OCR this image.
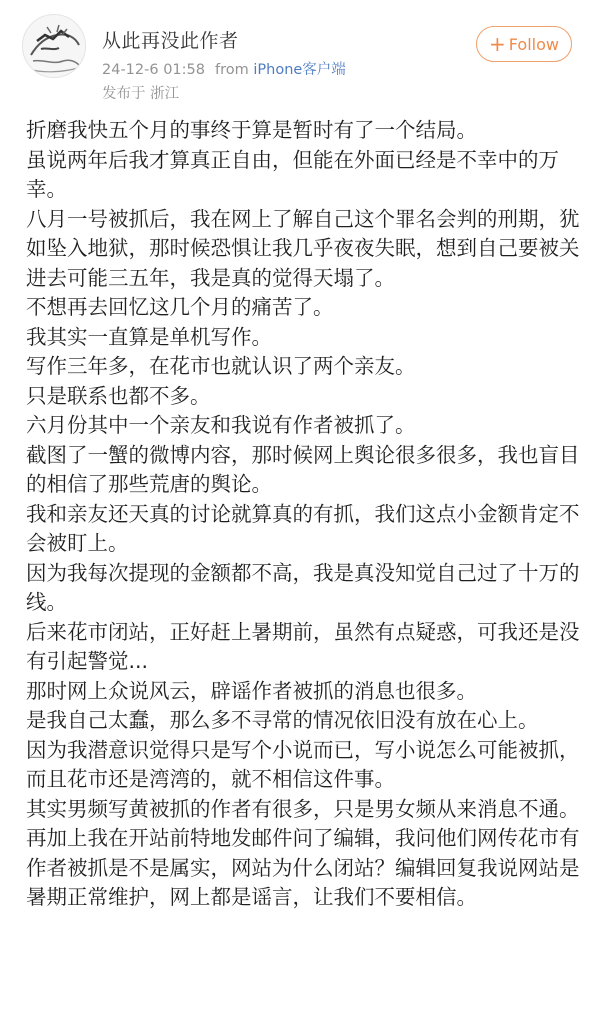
从此再没此作者
24-12-6 01:58 from iPhone客户端
发布于 浙江
+ Follow

折磨我快五个月的事终于算是暂时有了一个结局。

虽说两年后我才算真正自由，但能在外面已经是不幸中的万幸。

八月一号被抓后，我在网上了解自己这个罪名会判的刑期，犹如坠入地狱，那时候恐惧让我几乎夜夜失眠，想到自己要被关进去可能三五年，我是真的觉得天塌了。

不想再去回忆这几个月的痛苦了。

我其实一直算是单机写作。

写作三年多，在花市也就认识了两个亲友。

只是联系也都不多。

六月份其中一个亲友和我说有作者被抓了。

截图了一蟹的微博内容，那时候网上舆论很多很多，我也盲目的相信了那些荒唐的舆论。

我和亲友还天真的讨论就算真的有抓，我们这点小金额肯定不会被盯上。

因为我每次提现的金额都不高，我是真没知觉自己过了十万的线。

后来花市闭站，正好赶上暑期前，虽然有点疑惑，可我还是没有引起警觉...

那时网上众说风云，辟谣作者被抓的消息也很多。

是我自己太蠢，那么多不寻常的情况依旧没有放在心上。

因为我潜意识觉得只是写个小说而已，写小说怎么可能被抓，而且花市还是湾湾的，就不相信这件事。

其实男频写黄被抓的作者有很多，只是男女频从来消息不通。

再加上我在开站前特地发邮件问了编辑，我问他们网传花市有作者被抓是不是属实，网站为什么闭站？编辑回复我说网站是暑期正常维护，网上都是谣言，让我们不要相信。
